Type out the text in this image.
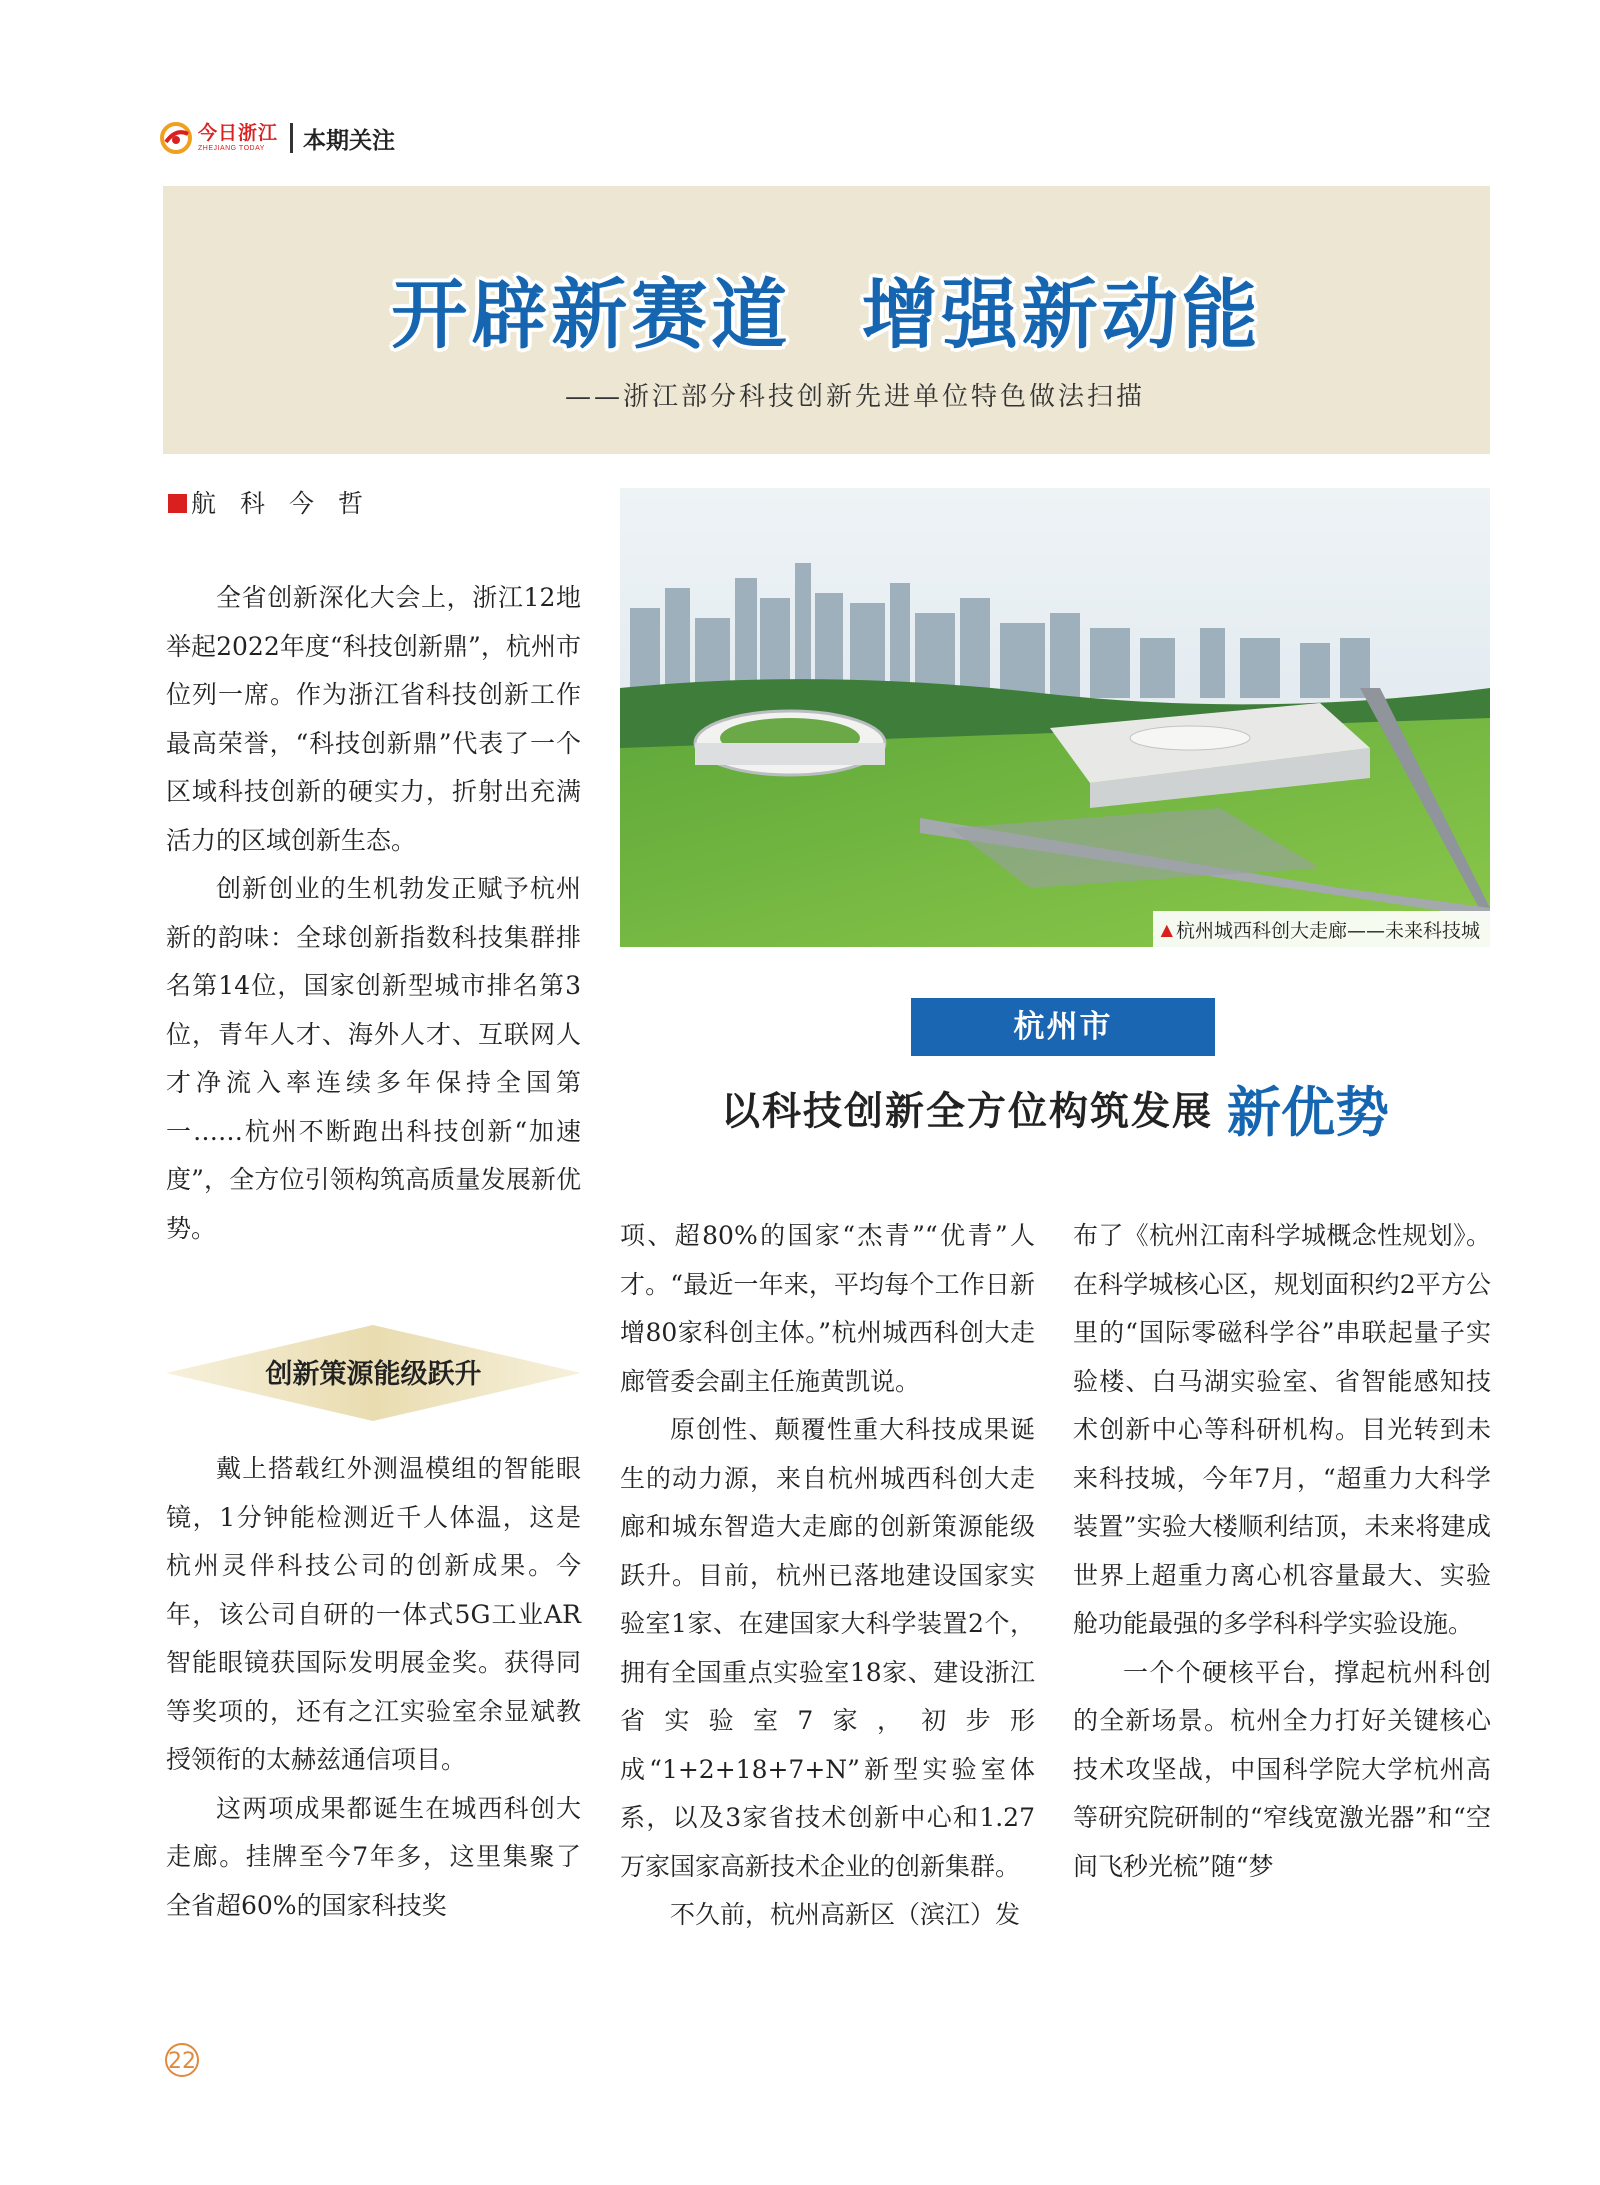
今日浙江
ZHEJIANG TODAY	本期关注
开辟新赛道 增强新动能
——浙江部分科技创新先进单位特色做法扫描
航科今哲

全省创新深化大会上，浙江12地举起2022年度“科技创新鼎”，杭州市位列一席。作为浙江省科技创新工作最高荣誉，“科技创新鼎”代表了一个区域科技创新的硬实力，折射出充满活力的区域创新生态。

创新创业的生机勃发正赋予杭州新的韵味：全球创新指数科技集群排名第14位，国家创新型城市排名第3位，青年人才、海外人才、互联网人才净流入率连续多年保持全国第一……杭州不断跑出科技创新“加速度”，全方位引领构筑高质量发展新优势。

创新策源能级跃升

戴上搭载红外测温模组的智能眼镜，1分钟能检测近千人体温，这是杭州灵伴科技公司的创新成果。今年，该公司自研的一体式5G工业AR智能眼镜获国际发明展金奖。获得同等奖项的，还有之江实验室余显斌教授领衔的太赫兹通信项目。

这两项成果都诞生在城西科创大走廊。挂牌至今7年多，这里集聚了全省超60%的国家科技奖

▲ 杭州城西科创大走廊——未来科技城
杭州市
以科技创新全方位构筑发展 新优势

项、超80%的国家“杰青”“优青”人才。“最近一年来，平均每个工作日新增80家科创主体。”杭州城西科创大走廊管委会副主任施黄凯说。

原创性、颠覆性重大科技成果诞生的动力源，来自杭州城西科创大走廊和城东智造大走廊的创新策源能级跃升。目前，杭州已落地建设国家实验室1家、在建国家大科学装置2个，拥有全国重点实验室18家、建设浙江省实验室7家，初步形成“1+2+18+7+N”新型实验室体系，以及3家省技术创新中心和1.27万家国家高新技术企业的创新集群。

不久前，杭州高新区（滨江）发

布了《杭州江南科学城概念性规划》。在科学城核心区，规划面积约2平方公里的“国际零磁科学谷”串联起量子实验楼、白马湖实验室、省智能感知技术创新中心等科研机构。目光转到未来科技城，今年7月，“超重力大科学装置”实验大楼顺利结顶，未来将建成世界上超重力离心机容量最大、实验舱功能最强的多学科科学实验设施。

一个个硬核平台，撑起杭州科创的全新场景。杭州全力打好关键核心技术攻坚战，中国科学院大学杭州高等研究院研制的“窄线宽激光器”和“空间飞秒光梳”随“梦

22
